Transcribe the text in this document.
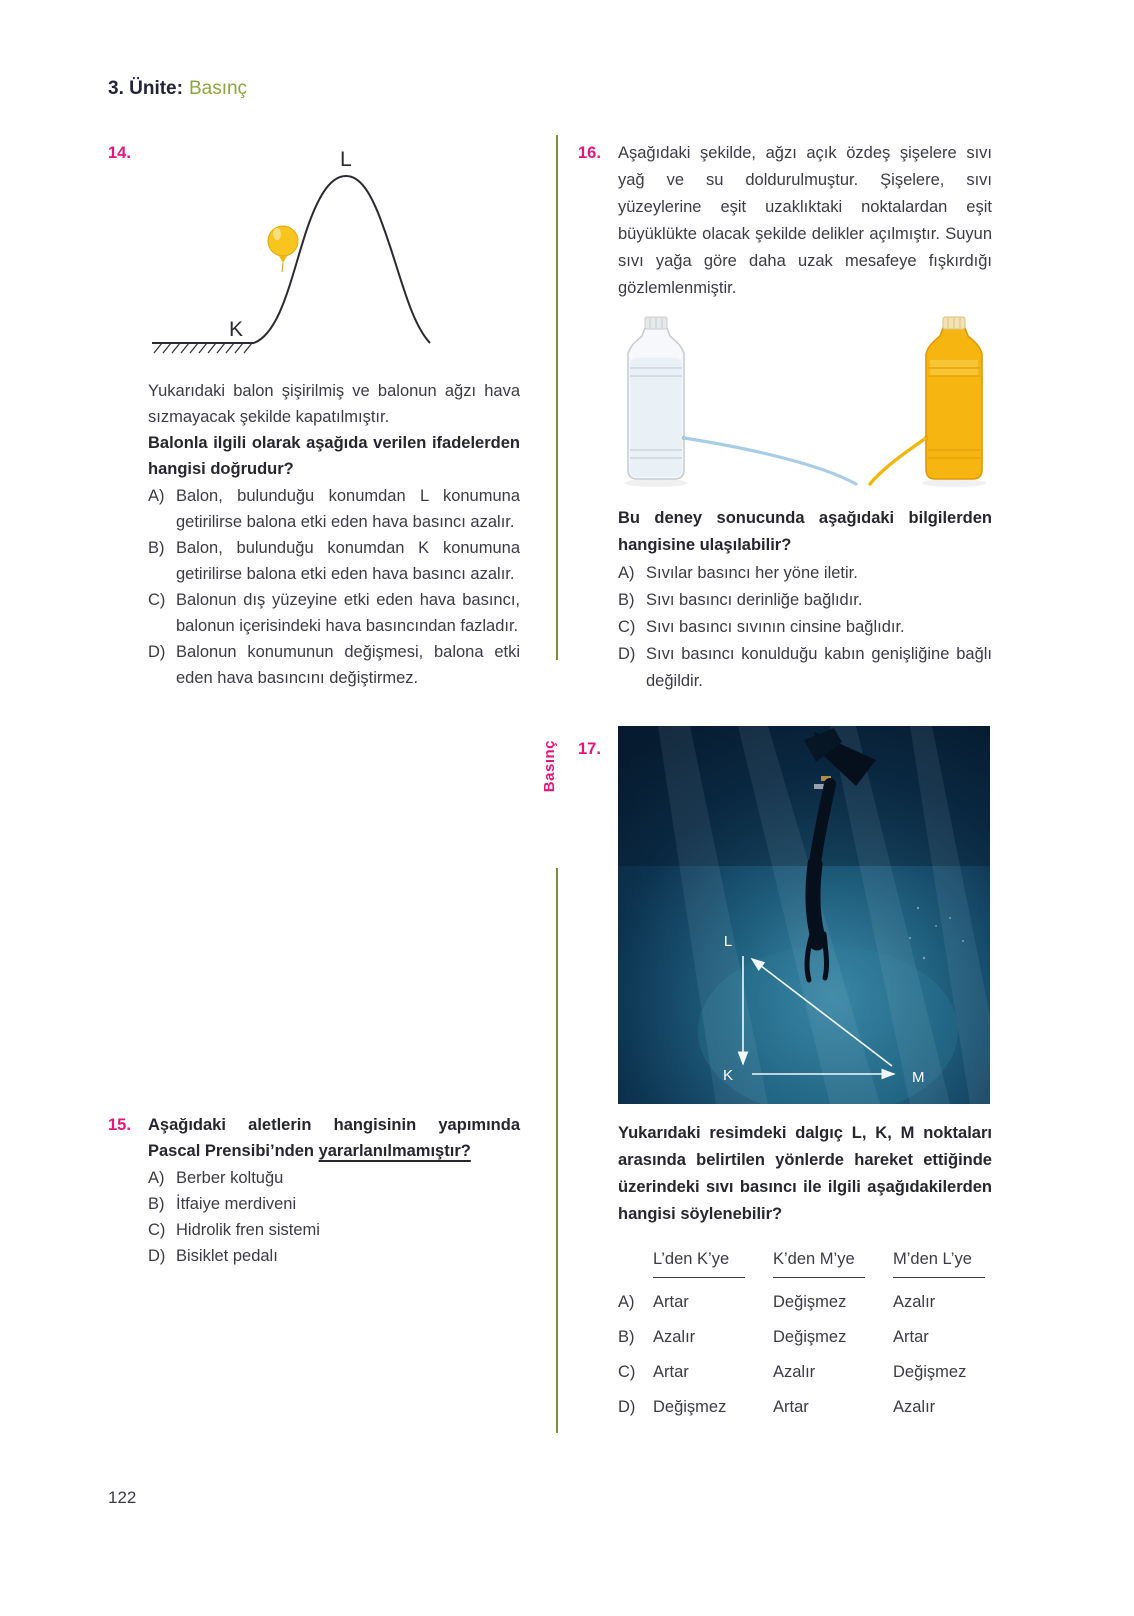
3. Ünite: Basınç
Basınç
14.	L
K

Yukarıdaki balon şişirilmiş ve balonun ağzı hava sızmayacak şekilde kapatılmıştır.

Balonla ilgili olarak aşağıda verilen ifadelerden hangisi doğrudur?

A) Balon, bulunduğu konumdan L konumuna getirilirse balona etki eden hava basıncı azalır.
B) Balon, bulunduğu konumdan K konumuna getirilirse balona etki eden hava basıncı azalır.
C) Balonun dış yüzeyine etki eden hava basıncı, balonun içerisindeki hava basıncından fazladır.
D) Balonun konumunun değişmesi, balona etki eden hava basıncını değiştirmez.
15. Aşağıdaki aletlerin hangisinin yapımında Pascal Prensibi’nden yararlanılmamıştır?

A) Berber koltuğu
B) İtfaiye merdiveni
C) Hidrolik fren sistemi
D) Bisiklet pedalı
16. Aşağıdaki şekilde, ağzı açık özdeş şişelere sıvı yağ ve su doldurulmuştur. Şişelere, sıvı yüzeylerine eşit uzaklıktaki noktalardan eşit büyüklükte olacak şekilde delikler açılmıştır. Suyun sıvı yağa göre daha uzak mesafeye fışkırdığı gözlemlenmiştir.

Bu deney sonucunda aşağıdaki bilgilerden hangisine ulaşılabilir?

A) Sıvılar basıncı her yöne iletir.
B) Sıvı basıncı derinliğe bağlıdır.
C) Sıvı basıncı sıvının cinsine bağlıdır.
D) Sıvı basıncı konulduğu kabın genişliğine bağlı değildir.
17.
L
K	M

Yukarıdaki resimdeki dalgıç L, K, M noktaları arasında belirtilen yönlerde hareket ettiğinde üzerindeki sıvı basıncı ile ilgili aşağıdakilerden hangisi söylenebilir?

L’den K’ye	K’den M’ye	M’den L’ye
A)	Artar	Değişmez	Azalır
B)	Azalır	Değişmez	Artar
C)	Artar	Azalır	Değişmez
D)	Değişmez	Artar	Azalır
122
